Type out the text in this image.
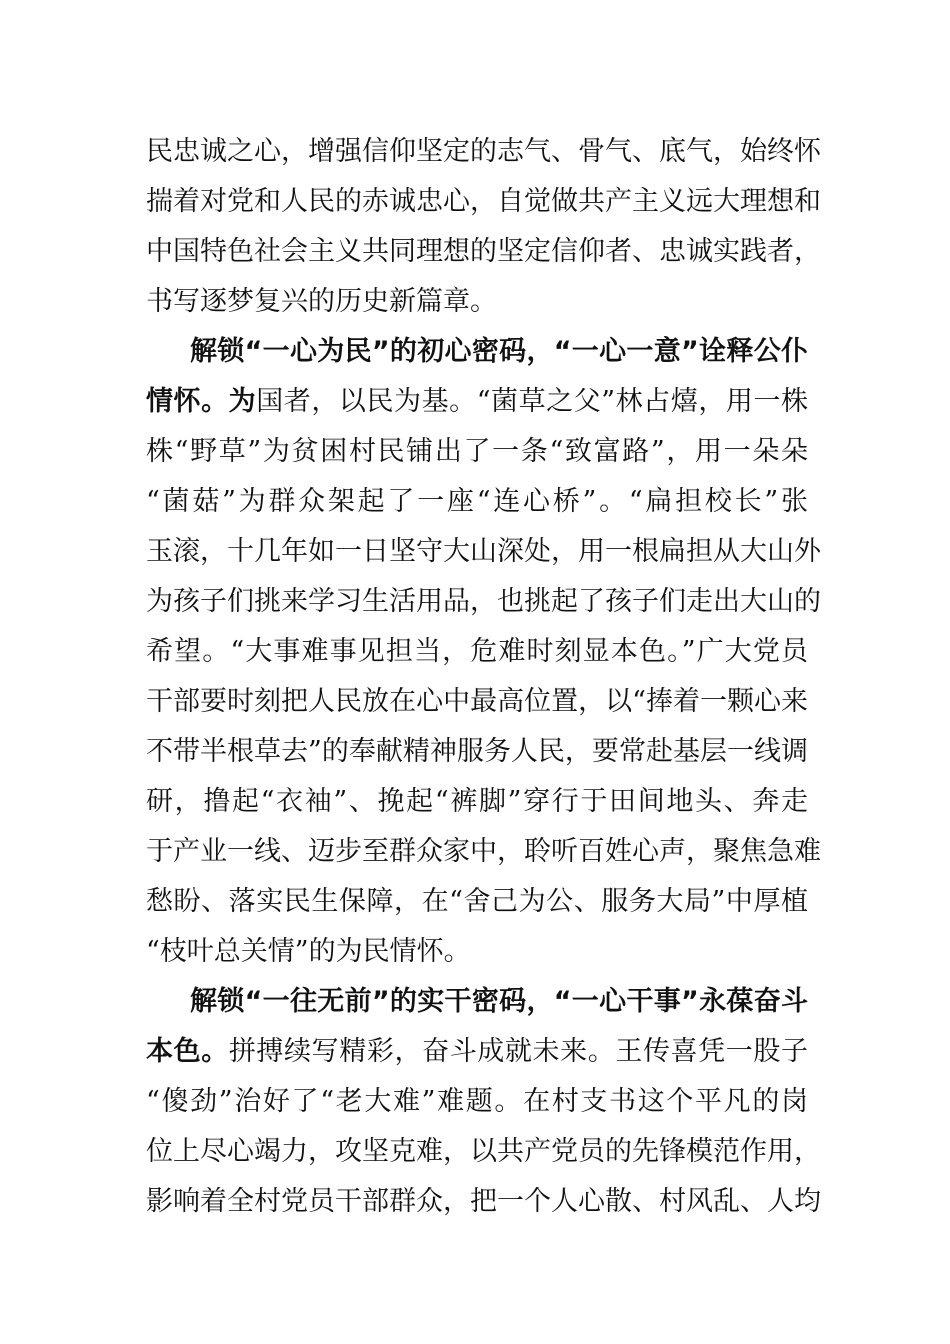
民忠诚之心，增强信仰坚定的志气、骨气、底气，始终怀
揣着对党和人民的赤诚忠心，自觉做共产主义远大理想和
中国特色社会主义共同理想的坚定信仰者、忠诚实践者，
书写逐梦复兴的历史新篇章。
解锁“一心为民”的初心密码，“一心一意”诠释公仆
情怀。为国者，以民为基。“菌草之父”林占熺，用一株
株“野草”为贫困村民铺出了一条“致富路”，用一朵朵
“菌菇”为群众架起了一座“连心桥”。“扁担校长”张
玉滚，十几年如一日坚守大山深处，用一根扁担从大山外
为孩子们挑来学习生活用品，也挑起了孩子们走出大山的
希望。“大事难事见担当，危难时刻显本色。”广大党员
干部要时刻把人民放在心中最高位置，以“捧着一颗心来
不带半根草去”的奉献精神服务人民，要常赴基层一线调
研，撸起“衣袖”、挽起“裤脚”穿行于田间地头、奔走
于产业一线、迈步至群众家中，聆听百姓心声，聚焦急难
愁盼、落实民生保障，在“舍己为公、服务大局”中厚植
“枝叶总关情”的为民情怀。
解锁“一往无前”的实干密码，“一心干事”永葆奋斗
本色。拼搏续写精彩，奋斗成就未来。王传喜凭一股子
“傻劲”治好了“老大难”难题。在村支书这个平凡的岗
位上尽心竭力，攻坚克难，以共产党员的先锋模范作用，
影响着全村党员干部群众，把一个人心散、村风乱、人均
